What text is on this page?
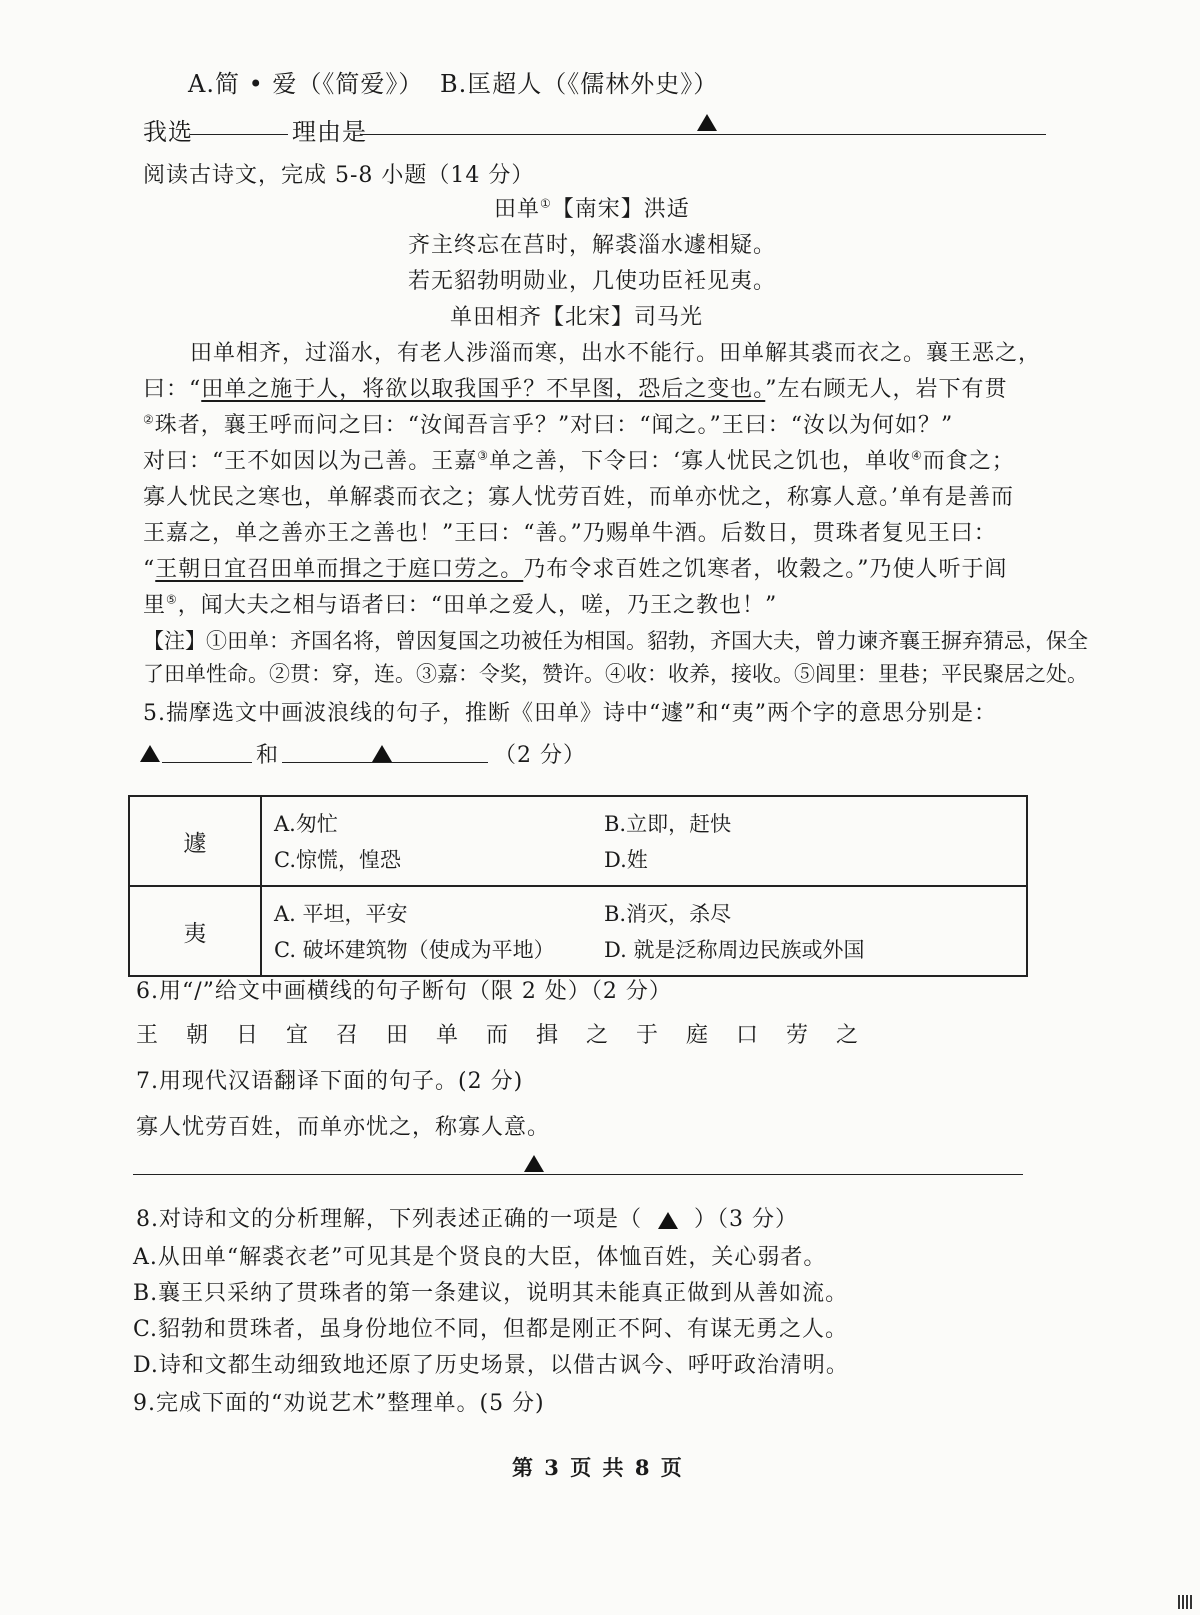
A.简 • 爱（《简爱》） B.匡超人（《儒林外史》）
我选	理由是
阅读古诗文，完成 5-8 小题（14 分）
田单①【南宋】洪适
齐主终忘在莒时，解裘淄水遽相疑。
若无貂勃明勋业，几使功臣衽见夷。
单田相齐【北宋】司马光
田单相齐，过淄水，有老人涉淄而寒，出水不能行。田单解其裘而衣之。襄王恶之，
曰：“田单之施于人，将欲以取我国乎？不早图，恐后之变也。”左右顾无人，岩下有贯
②珠者，襄王呼而问之曰：“汝闻吾言乎？”对曰：“闻之。”王曰：“汝以为何如？”
对曰：“王不如因以为己善。王嘉③单之善，下令曰：‘寡人忧民之饥也，单收④而食之；
寡人忧民之寒也，单解裘而衣之；寡人忧劳百姓，而单亦忧之，称寡人意。’单有是善而
王嘉之，单之善亦王之善也！”王曰：“善。”乃赐单牛酒。后数日，贯珠者复见王曰：
“王朝日宜召田单而揖之于庭口劳之。乃布令求百姓之饥寒者，收穀之。”乃使人听于闾
里⑤，闻大夫之相与语者曰：“田单之爱人，嗟，乃王之教也！”
【注】①田单：齐国名将，曾因复国之功被任为相国。貂勃，齐国大夫，曾力谏齐襄王摒弃猜忌，保全
了田单性命。②贯：穿，连。③嘉：令奖，赞许。④收：收养，接收。⑤闾里：里巷；平民聚居之处。
5.揣摩选文中画波浪线的句子，推断《田单》诗中“遽”和“夷”两个字的意思分别是：
和	（2 分）
遽	A.匆忙 B.立即，赶快
C.惊慌，惶恐 D.姓

夷	A. 平坦，平安 B.消灭，杀尽
C. 破坏建筑物（使成为平地） D. 就是泛称周边民族或外国
6.用“/”给文中画横线的句子断句（限 2 处）（2 分）
王朝日宜召田单而揖之于庭口劳之
7.用现代汉语翻译下面的句子。(2 分)
寡人忧劳百姓，而单亦忧之，称寡人意。
8.对诗和文的分析理解，下列表述正确的一项是（ ）（3 分）
A.从田单“解裘衣老”可见其是个贤良的大臣，体恤百姓，关心弱者。
B.襄王只采纳了贯珠者的第一条建议，说明其未能真正做到从善如流。
C.貂勃和贯珠者，虽身份地位不同，但都是刚正不阿、有谋无勇之人。
D.诗和文都生动细致地还原了历史场景，以借古讽今、呼吁政治清明。
9.完成下面的“劝说艺术”整理单。(5 分)
第 3 页 共 8 页
